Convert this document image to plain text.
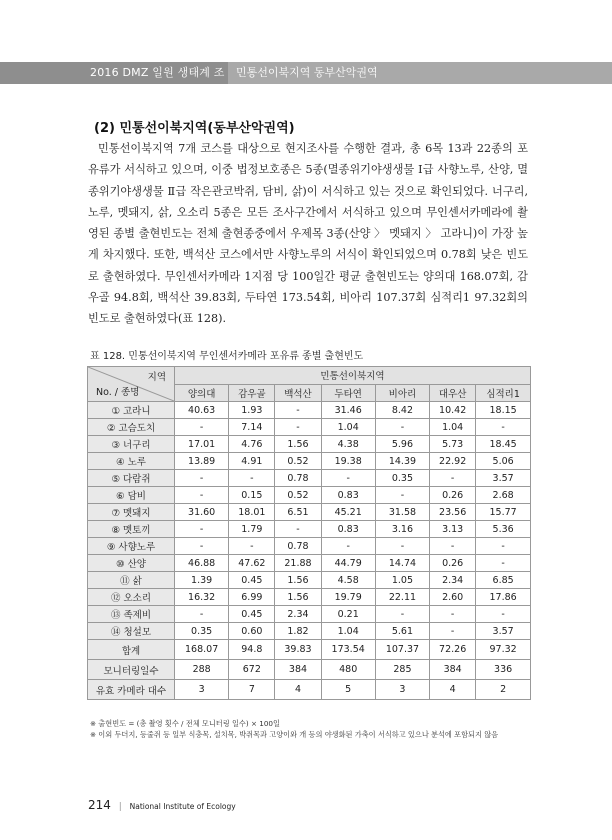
2016 DMZ 일원 생태계 조사
민통선이북지역 동부산악권역
(2) 민통선이북지역(동부산악권역)

민통선이북지역 7개 코스를 대상으로 현지조사를 수행한 결과, 총 6목 13과 22종의 포유류가 서식하고 있으며, 이중 법정보호종은 5종(멸종위기야생생물 Ⅰ급 사향노루, 산양, 멸종위기야생생물 Ⅱ급 작은관코박쥐, 담비, 삵)이 서식하고 있는 것으로 확인되었다. 너구리, 노루, 멧돼지, 삵, 오소리 5종은 모든 조사구간에서 서식하고 있으며 무인센서카메라에 촬영된 종별 출현빈도는 전체 출현종중에서 우제목 3종(산양 〉 멧돼지 〉 고라니)이 가장 높게 차지했다. 또한, 백석산 코스에서만 사향노루의 서식이 확인되었으며 0.78회 낮은 빈도로 출현하였다. 무인센서카메라 1지점 당 100일간 평균 출현빈도는 양의대 168.07회, 감우골 94.8회, 백석산 39.83회, 두타연 173.54회, 비아리 107.37회 심적리1 97.32회의 빈도로 출현하였다(표 128).

표 128. 민통선이북지역 무인센서카메라 포유류 종별 출현빈도
지역
No. / 종명	민통선이북지역						
	양의대	감우골	백석산	두타연	비아리	대우산	심적리1
① 고라니	40.63	1.93	-	31.46	8.42	10.42	18.15
② 고슴도치	-	7.14	-	1.04	-	1.04	-
③ 너구리	17.01	4.76	1.56	4.38	5.96	5.73	18.45
④ 노루	13.89	4.91	0.52	19.38	14.39	22.92	5.06
⑤ 다람쥐	-	-	0.78	-	0.35	-	3.57
⑥ 담비	-	0.15	0.52	0.83	-	0.26	2.68
⑦ 멧돼지	31.60	18.01	6.51	45.21	31.58	23.56	15.77
⑧ 멧토끼	-	1.79	-	0.83	3.16	3.13	5.36
⑨ 사향노루	-	-	0.78	-	-	-	-
⑩ 산양	46.88	47.62	21.88	44.79	14.74	0.26	-
⑪ 삵	1.39	0.45	1.56	4.58	1.05	2.34	6.85
⑫ 오소리	16.32	6.99	1.56	19.79	22.11	2.60	17.86
⑬ 족제비	-	0.45	2.34	0.21	-	-	-
⑭ 청설모	0.35	0.60	1.82	1.04	5.61	-	3.57
합계	168.07	94.8	39.83	173.54	107.37	72.26	97.32
모니터링일수	288	672	384	480	285	384	336
유효 카메라 대수	3	7	4	5	3	4	2
※ 출현빈도 = (총 촬영 횟수 / 전체 모니터링 일수) × 100일
※ 이외 두더지, 등줄쥐 등 일부 식충목, 설치목, 박쥐목과 고양이와 개 등의 야생화된 가축이 서식하고 있으나 분석에 포함되지 않음
214 | National Institute of Ecology
